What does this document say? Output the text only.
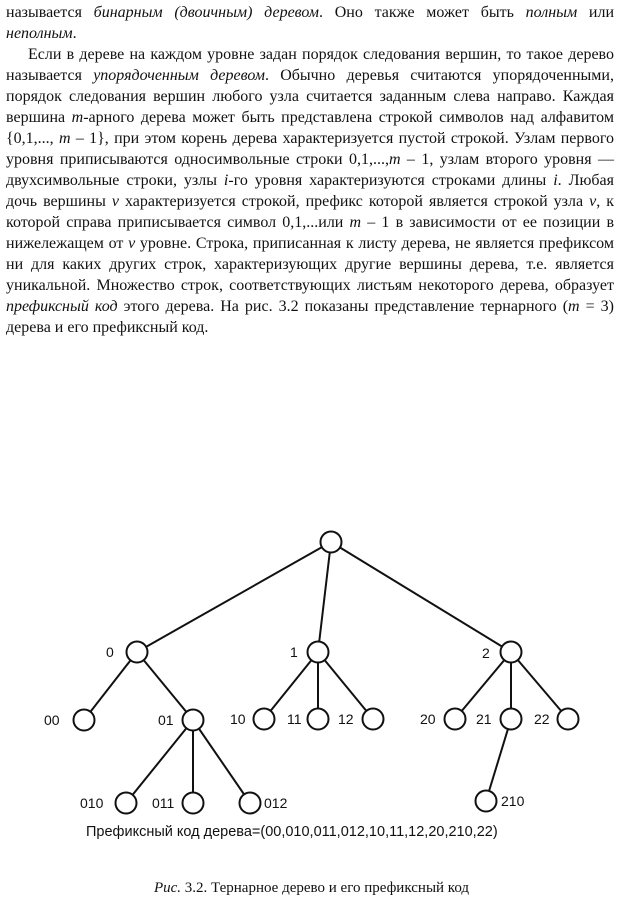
называется бинарным (двоичным) деревом. Оно также может быть полным или неполным.

Если в дереве на каждом уровне задан порядок следования вершин, то такое дерево называется упорядоченным деревом. Обычно деревья считаются упорядоченными, порядок следования вершин любого узла считается заданным слева направо. Каждая вершина m-арного дерева может быть представлена строкой символов над алфавитом {0,1,..., m – 1}, при этом корень дерева характеризуется пустой строкой. Узлам первого уровня приписываются односимвольные строки 0,1,...,m – 1, узлам второго уровня — двухсимвольные строки, узлы i-го уровня характеризуются строками длины i. Любая дочь вершины v характеризуется строкой, префикс которой является строкой узла v, к которой справа приписывается символ 0,1,...или m – 1 в зависимости от ее позиции в нижележащем от v уровне. Строка, приписанная к листу дерева, не является префиксом ни для каких других строк, характеризующих другие вершины дерева, т.е. является уникальной. Множество строк, соответствующих листьям некоторого дерева, образует префиксный код этого дерева. На рис. 3.2 показаны представление тернарного (m = 3) дерева и его префиксный код.

0	1	2
00	01	10	11	12	20	21	22
010	011	012	210
Префиксный код дерева=(00,010,011,012,10,11,12,20,210,22)
Рис. 3.2. Тернарное дерево и его префиксный код
